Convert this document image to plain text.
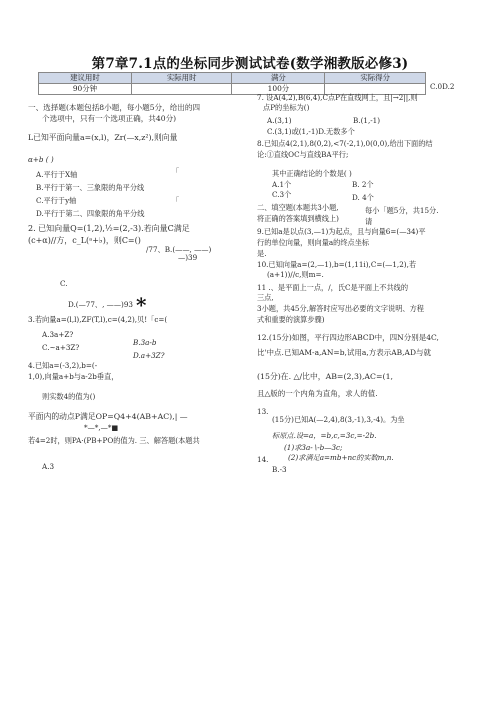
第7章7.1点的坐标同步测试试卷(数学湘教版必修3)
建议用时	实际用时	满分	实际得分
90分钟		100分	
一、选择题(本题包括8小题，每小题5分，给出的四
个选项中，只有一个选项正确，共40分)
L已知平面向量a=(x,l)，Zr(—x,z²),则向量
α+b ( )
「
A.平行于X轴
B.平行于第一、三象限的角平分线
C.平行于y轴	「
D.平行于第二、四象限的角平分线
2. 已知向量Q=(1,2),½=(2,-3).若向量C满足
(c+α)//方，c_L(ᵃ+♭)，则C=()
/77、B.(——, ——)
—)39
C.
*
D.(—77、, ——)93
3.若向量a=(l,l),ZF(T,l),c=(4,2),贝!「c=(
A.3a+Z?
B.3a-b
C.~a+3Z?
D.a+3Z?
4.已知a=(-3,2),b=(-
1,0),向量a+b与a-2b垂直，
则实数4的值为()
平面内的动点P满足OP=Q4+4(AB+AC),| —
*—*,—*■
若4=2时，则PA·(PB+PO的值为. 三、解答题(本题共
A.3
C.0D.2
7. 设A(4,2),B(6,4),C点P在直线网上，且|→2||,则
点P的坐标为()
A.(3,1)	B.(1,-1)
C.(3,1)或(1,-1)D.无数多个
8.已知点4(2,1),8(0,2),<7(-2,1),0(0,0),给出下面的结
论:①直线OC与直线BA平行;
其中正确结论的个数是( )
A.1个	B. 2个
C.3个	D. 4个
二、填空题(本题共3小题,	每小「题5分，共15分.
将正确的答案填到横线上)	请
9.已知a是以点(3,—1)为起点，且与向量6=(—34)平
行的单位向量，则向量a的终点坐标
是.
10.已知向量a=(2,—1),b=(1,11i),C=(—1,2),若
(a+1))//c,则m=.
11 .、是平面上一点，/，氏C是平面上不共线的
三点,
3小题，共45分,解答时应写出必要的文字说明、方程
式和重要的演算步骤)
12.(15分)如图，平行四边形ABCD中，四N分别是4C,
比'中点.已知AM-a,AN=b,试用a,方表示AB,AD与就
(15分)在. △/比中，AB=(2,3),AC=(1,
且△版的一个内角为直角，求人的值.
13.
(15分)已知A(—2,4),8(3,-1),3,-4)。为坐
标原点.设=a，=b,c,=3c,=-2b.
(1)求3a-∖-b—3c;
14.	(2)求满足a=mb+nc的实数m,n.
B.-3
